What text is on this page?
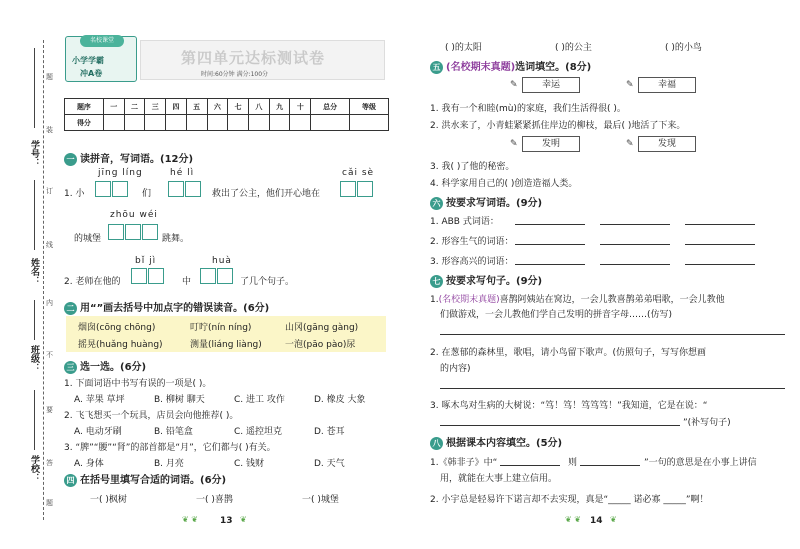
学号：
姓名：
班级：
学校：
题
装
订
线
内
不
要
答
题
名校课堂
小学学霸
冲A卷
第四单元达标测试卷
时间:60分钟 满分:100分
题序	一	二	三	四	五	六	七	八	九	十	总分	等级
得分												
一 读拼音，写词语。(12分)
jīng líng	hé lì	cǎi sè
1. 小	们	救出了公主，他们开心地在
zhōu wéi
的城堡	跳舞。
bǐ jì	huà
2. 老师在他的	中	了几个句子。
二 用“”画去括号中加点字的错误读音。(6分)
烟囱(cōng chōng)	叮咛(nín níng)	山冈(gāng gàng)
摇晃(huǎng huàng)	测量(liáng liàng)	一泡(pāo pào)尿
三 选一选。(6分)
1. 下面词语中书写有误的一项是( )。
A. 苹果 草坪	B. 柳树 聊天	C. 进工 攻作	D. 橡皮 大象
2. 飞飞想买一个玩具，店员会向他推荐( )。
A. 电动牙刷	B. 铅笔盒	C. 遥控坦克	D. 苍耳
3. “脾”“腰”“肾”的部首都是“月”，它们都与( )有关。
A. 身体	B. 月亮	C. 钱财	D. 天气
四 在括号里填写合适的词语。(6分)
一( )枫树	一( )喜鹊	一( )城堡
❦ ❦ 13 ❦
( )的太阳	( )的公主	( )的小鸟
五 (名校期末真题)选词填空。(8分)
✎	幸运	✎	幸福
1. 我有一个和睦(mù)的家庭，我们生活得很( )。
2. 洪水来了，小青蛙紧紧抓住岸边的柳枝，最后( )地活了下来。
✎	发明	✎	发现
3. 我( )了他的秘密。
4. 科学家用自己的( )创造造福人类。
六 按要求写词语。(9分)
1. ABB 式词语：
2. 形容生气的词语：
3. 形容高兴的词语：
七 按要求写句子。(9分)
1.(名校期末真题)喜鹊阿姨站在窝边，一会儿教喜鹊弟弟唱歌，一会儿教他
们做游戏，一会儿教他们学自己发明的拼音字母……(仿写)
2. 在葱郁的森林里，歌唱，请小鸟留下歌声。(仿照句子，写写你想画
的内容)
3. 啄木鸟对生病的大树说：“笃！笃！笃笃笃！”我知道，它是在说：“
”(补写句子)
八 根据课本内容填空。(5分)
1.《韩非子》中“	则	”一句的意思是在小事上讲信
用，就能在大事上建立信用。
2. 小宇总是轻易许下诺言却不去实现，真是“_____ 诺必寡 _____”啊！
❦ ❦ 14 ❦
